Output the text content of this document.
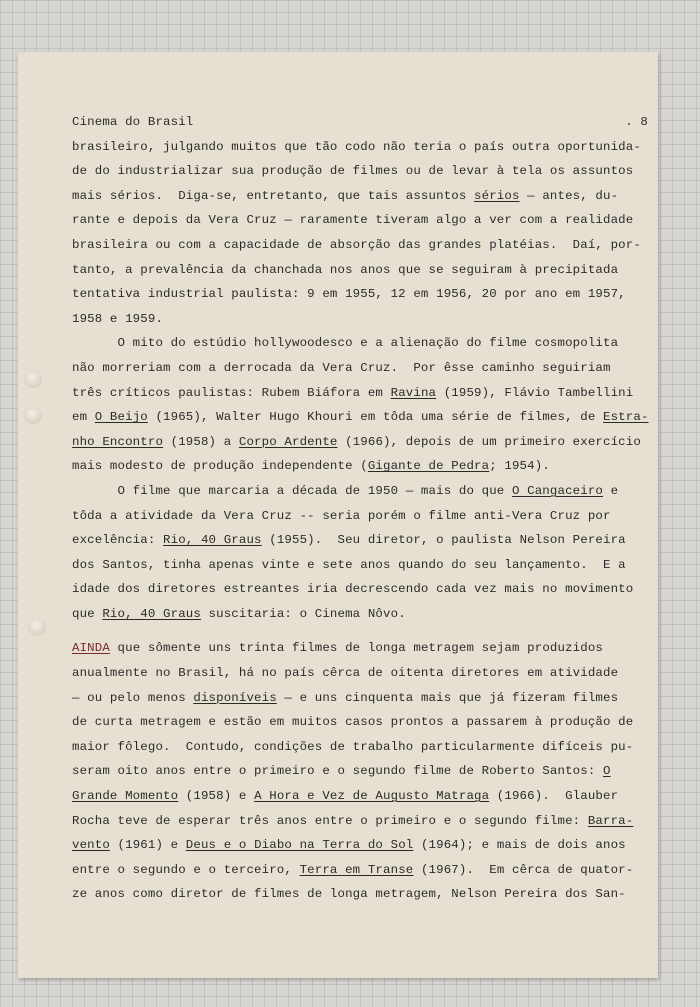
Cinema do Brasil	. 8
brasileiro, julgando muitos que tão codo não teria o país outra oportunida-
de do industrializar sua produção de filmes ou de levar à tela os assuntos
mais sérios.  Diga-se, entretanto, que tais assuntos sérios — antes, du-
rante e depois da Vera Cruz — raramente tiveram algo a ver com a realidade
brasileira ou com a capacidade de absorção das grandes platéias.  Daí, por-
tanto, a prevalência da chanchada nos anos que se seguiram à precipitada
tentativa industrial paulista: 9 em 1955, 12 em 1956, 20 por ano em 1957,
1958 e 1959.
O mito do estúdio hollywoodesco e a alienação do filme cosmopolita
não morreriam com a derrocada da Vera Cruz.  Por êsse caminho seguiriam
três críticos paulistas: Rubem Biáfora em Ravina (1959), Flávio Tambellini
em O Beijo (1965), Walter Hugo Khouri em tôda uma série de filmes, de Estra-
nho Encontro (1958) a Corpo Ardente (1966), depois de um primeiro exercício
mais modesto de produção independente (Gigante de Pedra; 1954).
O filme que marcaria a década de 1950 — mais do que O Cangaceiro e
tôda a atividade da Vera Cruz -- seria porém o filme anti-Vera Cruz por
excelência: Rio, 40 Graus (1955).  Seu diretor, o paulista Nelson Pereira
dos Santos, tinha apenas vinte e sete anos quando do seu lançamento.  E a
idade dos diretores estreantes iria decrescendo cada vez mais no movimento
que Rio, 40 Graus suscitaria: o Cinema Nôvo.
AINDA que sômente uns trinta filmes de longa metragem sejam produzidos
anualmente no Brasil, há no país cêrca de oitenta diretores em atividade
— ou pelo menos disponíveis — e uns cinquenta mais que já fizeram filmes
de curta metragem e estão em muitos casos prontos a passarem à produção de
maior fôlego.  Contudo, condições de trabalho particularmente difíceis pu-
seram oito anos entre o primeiro e o segundo filme de Roberto Santos: O
Grande Momento (1958) e A Hora e Vez de Augusto Matraga (1966).  Glauber
Rocha teve de esperar três anos entre o primeiro e o segundo filme: Barra-
vento (1961) e Deus e o Diabo na Terra do Sol (1964); e mais de dois anos
entre o segundo e o terceiro, Terra em Transe (1967).  Em cêrca de quator-
ze anos como diretor de filmes de longa metragem, Nelson Pereira dos San-
